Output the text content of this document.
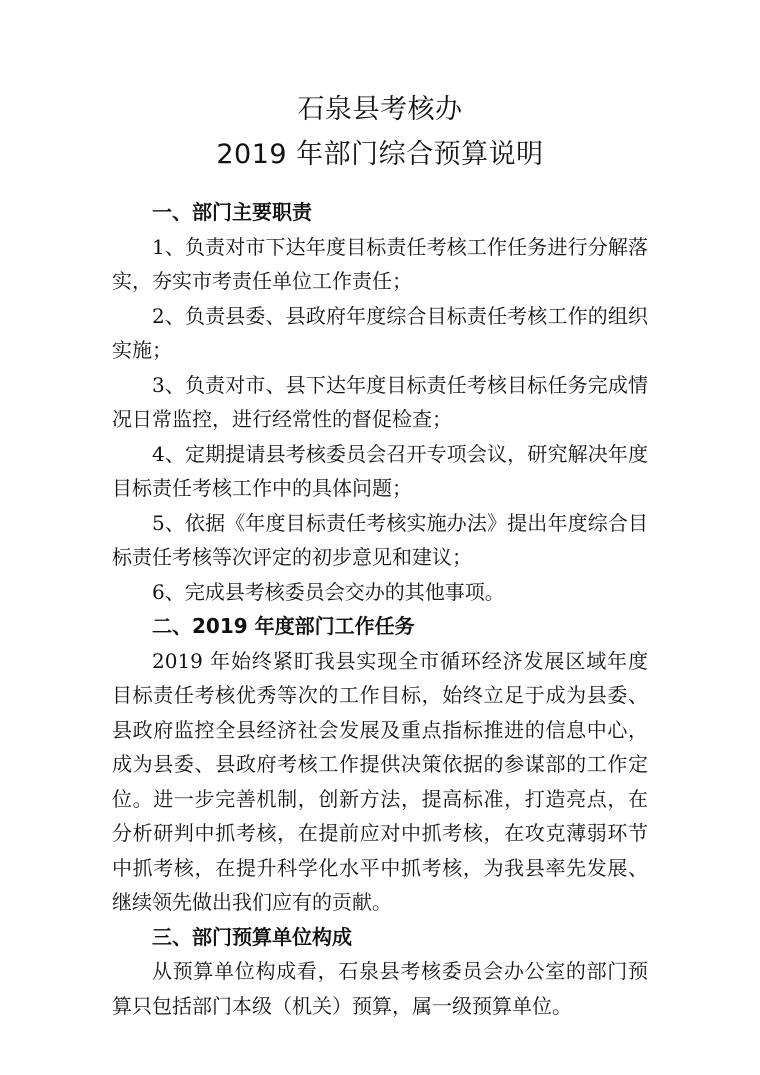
石泉县考核办
2019 年部门综合预算说明
一、部门主要职责

1、负责对市下达年度目标责任考核工作任务进行分解落实，夯实市考责任单位工作责任；

2、负责县委、县政府年度综合目标责任考核工作的组织实施；

3、负责对市、县下达年度目标责任考核目标任务完成情况日常监控，进行经常性的督促检查；

4、定期提请县考核委员会召开专项会议，研究解决年度目标责任考核工作中的具体问题；

5、依据《年度目标责任考核实施办法》提出年度综合目标责任考核等次评定的初步意见和建议；

6、完成县考核委员会交办的其他事项。

二、2019 年度部门工作任务

2019 年始终紧盯我县实现全市循环经济发展区域年度目标责任考核优秀等次的工作目标，始终立足于成为县委、县政府监控全县经济社会发展及重点指标推进的信息中心，成为县委、县政府考核工作提供决策依据的参谋部的工作定位。进一步完善机制，创新方法，提高标准，打造亮点，在分析研判中抓考核，在提前应对中抓考核，在攻克薄弱环节中抓考核，在提升科学化水平中抓考核，为我县率先发展、继续领先做出我们应有的贡献。

三、部门预算单位构成

从预算单位构成看，石泉县考核委员会办公室的部门预算只包括部门本级（机关）预算，属一级预算单位。
